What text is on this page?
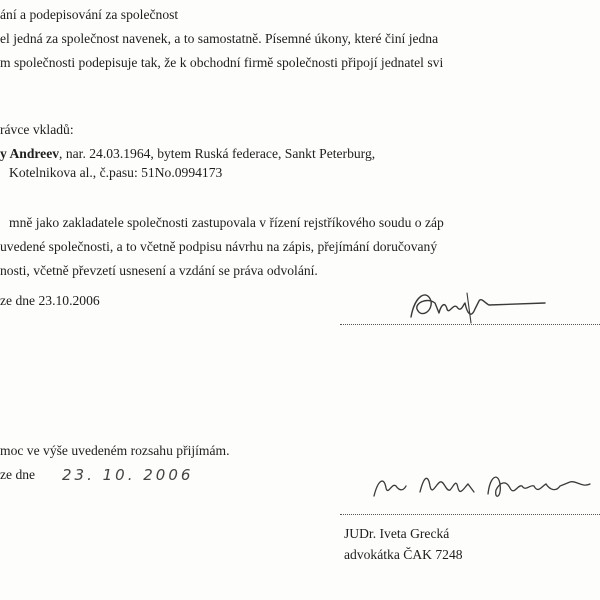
ání a podepisování za společnost

el jedná za společnost navenek, a to samostatně. Písemné úkony, které činí jedna

m společnosti podepisuje tak, že k obchodní firmě společnosti připojí jednatel svi

rávce vkladů:

y Andreev, nar. 24.03.1964, bytem Ruská federace, Sankt Peterburg,

Kotelnikova al., č.pasu: 51No.0994173

mně jako zakladatele společnosti zastupovala v řízení rejstříkového soudu o záp

uvedené společnosti, a to včetně podpisu návrhu na zápis, přejímání doručovaný

nosti, včetně převzetí usnesení a vzdání se práva odvolání.

ze dne 23.10.2006

moc ve výše uvedeném rozsahu přijímám.

ze dne	23. 10. 2006

JUDr. Iveta Grecká

advokátka ČAK 7248
